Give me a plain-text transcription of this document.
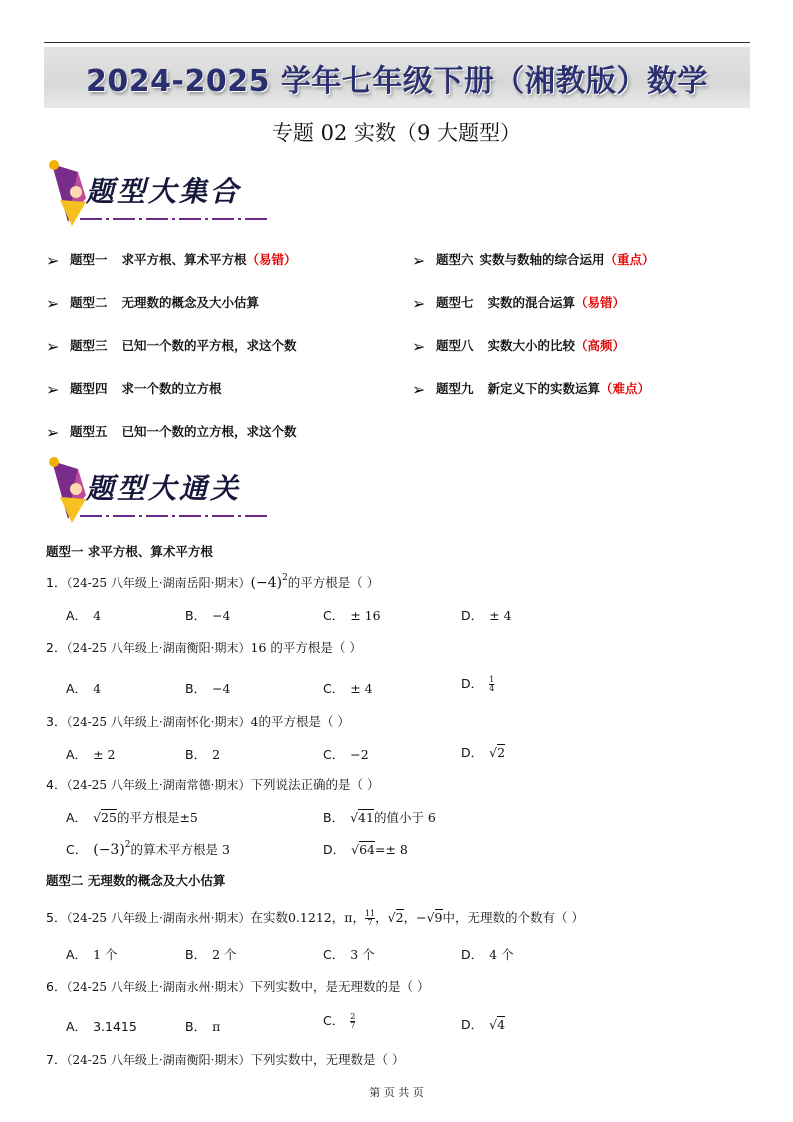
2024-2025 学年七年级下册（湘教版）数学
专题 02 实数（9 大题型）
题型大集合
➢ 题型一 求平方根、算术平方根（易错）
➢ 题型二 无理数的概念及大小估算
➢ 题型三 已知一个数的平方根，求这个数
➢ 题型四 求一个数的立方根
➢ 题型五 已知一个数的立方根，求这个数
➢ 题型六 实数与数轴的综合运用（重点）
➢ 题型七 实数的混合运算（易错）
➢ 题型八 实数大小的比较（高频）
➢ 题型九 新定义下的实数运算（难点）
题型大通关
题型一 求平方根、算术平方根
1．（24-25 八年级上·湖南岳阳·期末）$(-4)^2$的平方根是（ ）
A． 4	B． −4	C． ± 16	D． ± 4
2．（24-25 八年级上·湖南衡阳·期末）16 的平方根是（ ）
A． 4	B． −4	C． ± 4	D． $\frac{1}{4}$
3．（24-25 八年级上·湖南怀化·期末）4的平方根是（ ）
A． ± 2	B． 2	C． −2	D． √2
4．（24-25 八年级上·湖南常德·期末）下列说法正确的是（ ）
A． √25的平方根是±5	B． √41的值小于 6
C． $(-3)^2$的算术平方根是 3	D． √64=± 8
题型二 无理数的概念及大小估算
5．（24-25 八年级上·湖南永州·期末）在实数0.1212，π， $\frac{11}{7}$ ，√2，−√9中，无理数的个数有（ ）
A． 1 个	B． 2 个	C． 3 个	D． 4 个
6．（24-25 八年级上·湖南永州·期末）下列实数中，是无理数的是（ ）
A． 3.1415	B． π	C． $\frac{2}{7}$	D． √4
7．（24-25 八年级上·湖南衡阳·期末）下列实数中，无理数是（ ）
第 页 共 页
